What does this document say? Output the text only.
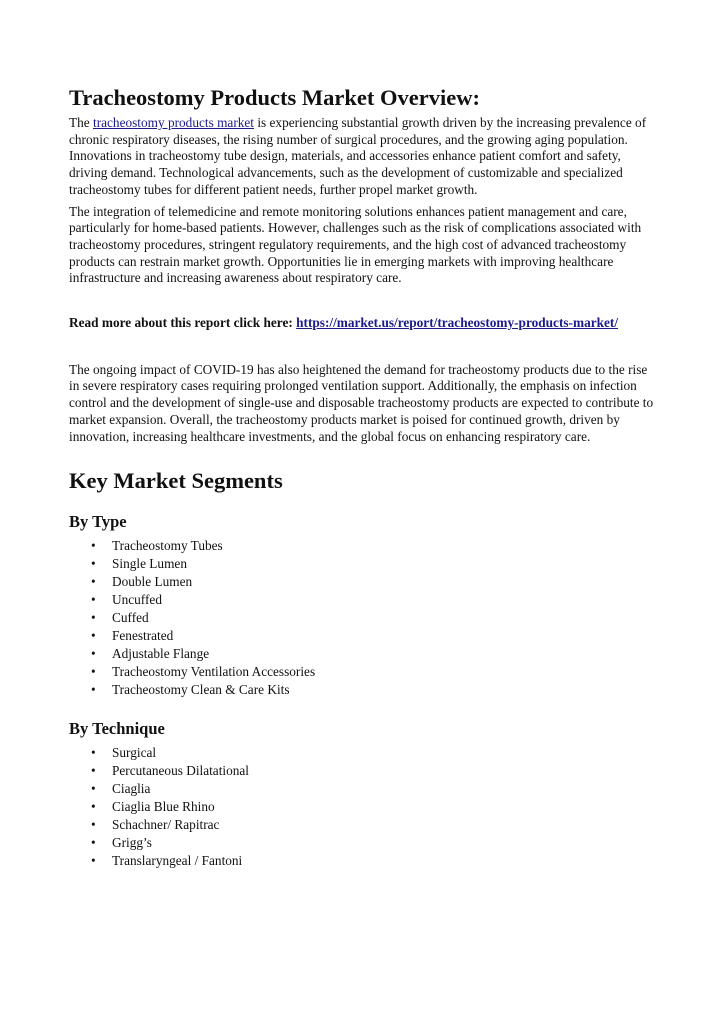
Tracheostomy Products Market Overview:

The tracheostomy products market is experiencing substantial growth driven by the increasing prevalence of chronic respiratory diseases, the rising number of surgical procedures, and the growing aging population. Innovations in tracheostomy tube design, materials, and accessories enhance patient comfort and safety, driving demand. Technological advancements, such as the development of customizable and specialized tracheostomy tubes for different patient needs, further propel market growth.

The integration of telemedicine and remote monitoring solutions enhances patient management and care, particularly for home-based patients. However, challenges such as the risk of complications associated with tracheostomy procedures, stringent regulatory requirements, and the high cost of advanced tracheostomy products can restrain market growth. Opportunities lie in emerging markets with improving healthcare infrastructure and increasing awareness about respiratory care.

Read more about this report click here: https://market.us/report/tracheostomy-products-market/

The ongoing impact of COVID-19 has also heightened the demand for tracheostomy products due to the rise in severe respiratory cases requiring prolonged ventilation support. Additionally, the emphasis on infection control and the development of single-use and disposable tracheostomy products are expected to contribute to market expansion. Overall, the tracheostomy products market is poised for continued growth, driven by innovation, increasing healthcare investments, and the global focus on enhancing respiratory care.

Key Market Segments
By Type
• Tracheostomy Tubes
• Single Lumen
• Double Lumen
• Uncuffed
• Cuffed
• Fenestrated
• Adjustable Flange
• Tracheostomy Ventilation Accessories
• Tracheostomy Clean & Care Kits
By Technique
• Surgical
• Percutaneous Dilatational
• Ciaglia
• Ciaglia Blue Rhino
• Schachner/ Rapitrac
• Grigg’s
• Translaryngeal / Fantoni
